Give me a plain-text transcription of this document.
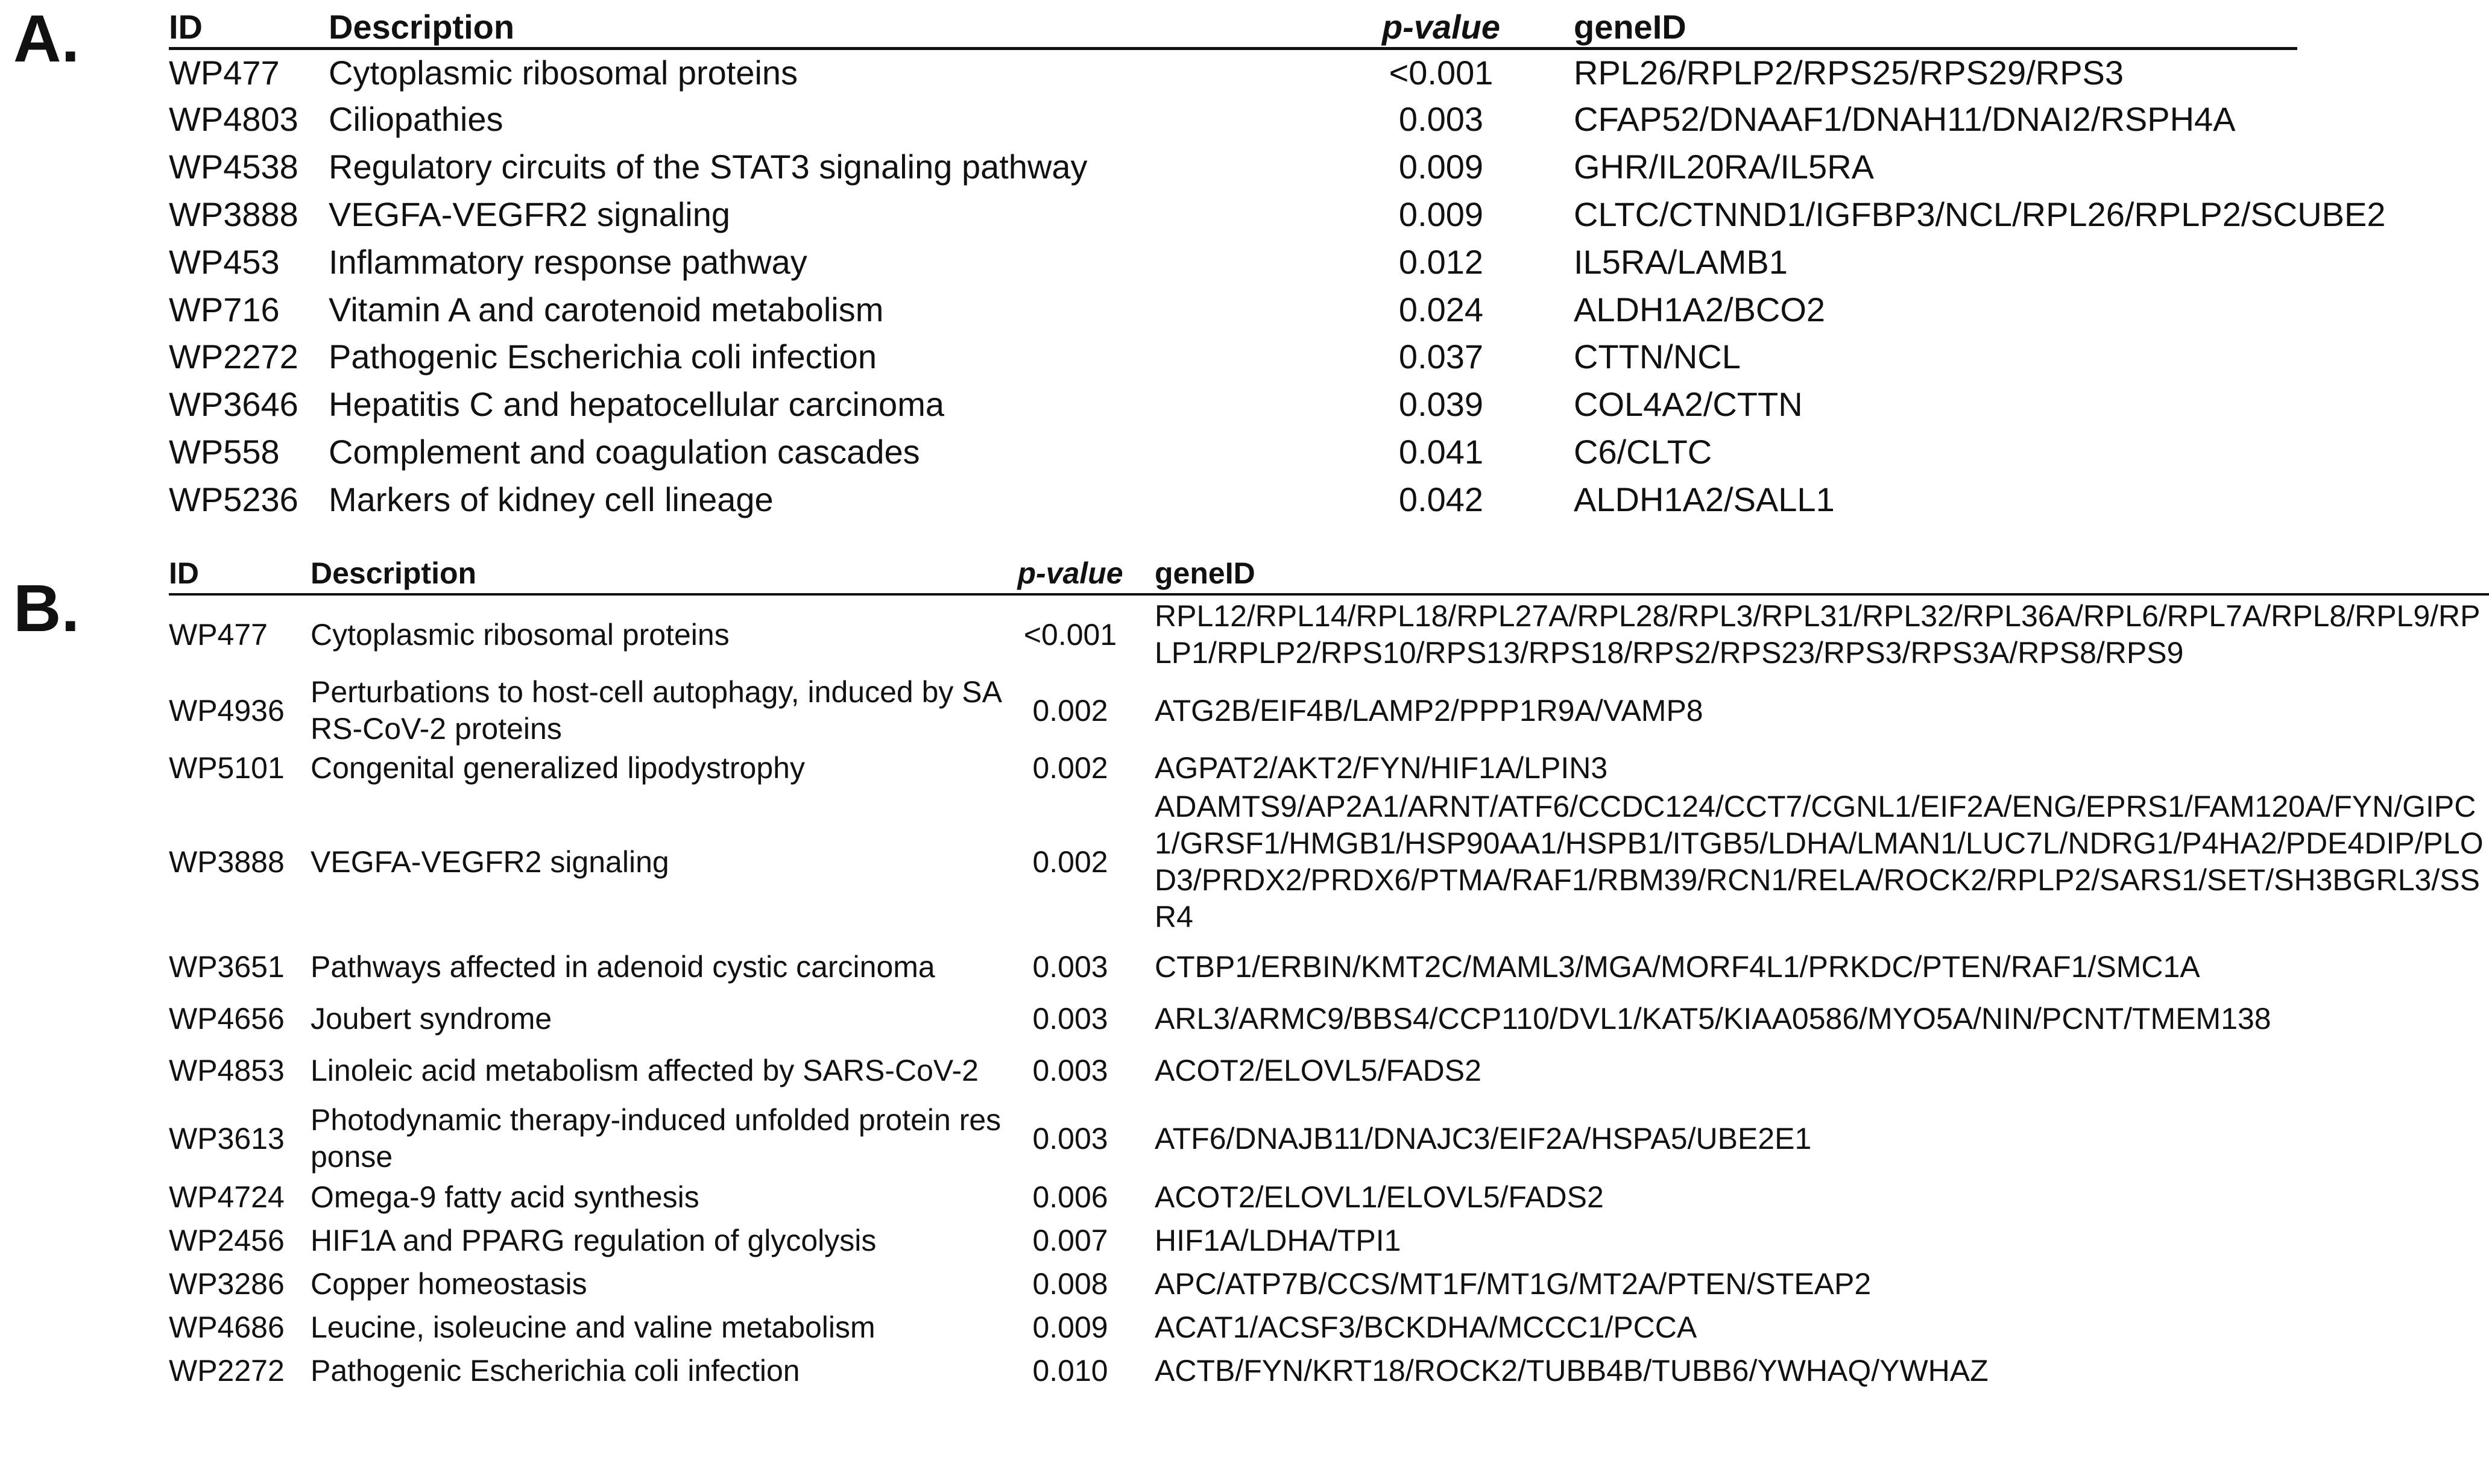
A.
B.
ID	Description	p-value	geneID
WP477	Cytoplasmic ribosomal proteins	<0.001	RPL26/RPLP2/RPS25/RPS29/RPS3
WP4803	Ciliopathies	0.003	CFAP52/DNAAF1/DNAH11/DNAI2/RSPH4A
WP4538	Regulatory circuits of the STAT3 signaling pathway	0.009	GHR/IL20RA/IL5RA
WP3888	VEGFA-VEGFR2 signaling	0.009	CLTC/CTNND1/IGFBP3/NCL/RPL26/RPLP2/SCUBE2
WP453	Inflammatory response pathway	0.012	IL5RA/LAMB1
WP716	Vitamin A and carotenoid metabolism	0.024	ALDH1A2/BCO2
WP2272	Pathogenic Escherichia coli infection	0.037	CTTN/NCL
WP3646	Hepatitis C and hepatocellular carcinoma	0.039	COL4A2/CTTN
WP558	Complement and coagulation cascades	0.041	C6/CLTC
WP5236	Markers of kidney cell lineage	0.042	ALDH1A2/SALL1
ID	Description	p-value	geneID
WP477	Cytoplasmic ribosomal proteins	<0.001	RPL12/RPL14/RPL18/RPL27A/RPL28/RPL3/RPL31/RPL32/RPL36A/RPL6/RPL7A/RPL8/RPL9/RPLP1/RPLP2/RPS10/RPS13/RPS18/RPS2/RPS23/RPS3/RPS3A/RPS8/RPS9
WP4936	Perturbations to host-cell autophagy, induced by SARS-CoV-2 proteins	0.002	ATG2B/EIF4B/LAMP2/PPP1R9A/VAMP8
WP5101	Congenital generalized lipodystrophy	0.002	AGPAT2/AKT2/FYN/HIF1A/LPIN3
WP3888	VEGFA-VEGFR2 signaling	0.002	ADAMTS9/AP2A1/ARNT/ATF6/CCDC124/CCT7/CGNL1/EIF2A/ENG/EPRS1/FAM120A/FYN/GIPC1/GRSF1/HMGB1/HSP90AA1/HSPB1/ITGB5/LDHA/LMAN1/LUC7L/NDRG1/P4HA2/PDE4DIP/PLOD3/PRDX2/PRDX6/PTMA/RAF1/RBM39/RCN1/RELA/ROCK2/RPLP2/SARS1/SET/SH3BGRL3/SSR4
WP3651	Pathways affected in adenoid cystic carcinoma	0.003	CTBP1/ERBIN/KMT2C/MAML3/MGA/MORF4L1/PRKDC/PTEN/RAF1/SMC1A
WP4656	Joubert syndrome	0.003	ARL3/ARMC9/BBS4/CCP110/DVL1/KAT5/KIAA0586/MYO5A/NIN/PCNT/TMEM138
WP4853	Linoleic acid metabolism affected by SARS-CoV-2	0.003	ACOT2/ELOVL5/FADS2
WP3613	Photodynamic therapy-induced unfolded protein response	0.003	ATF6/DNAJB11/DNAJC3/EIF2A/HSPA5/UBE2E1
WP4724	Omega-9 fatty acid synthesis	0.006	ACOT2/ELOVL1/ELOVL5/FADS2
WP2456	HIF1A and PPARG regulation of glycolysis	0.007	HIF1A/LDHA/TPI1
WP3286	Copper homeostasis	0.008	APC/ATP7B/CCS/MT1F/MT1G/MT2A/PTEN/STEAP2
WP4686	Leucine, isoleucine and valine metabolism	0.009	ACAT1/ACSF3/BCKDHA/MCCC1/PCCA
WP2272	Pathogenic Escherichia coli infection	0.010	ACTB/FYN/KRT18/ROCK2/TUBB4B/TUBB6/YWHAQ/YWHAZ
